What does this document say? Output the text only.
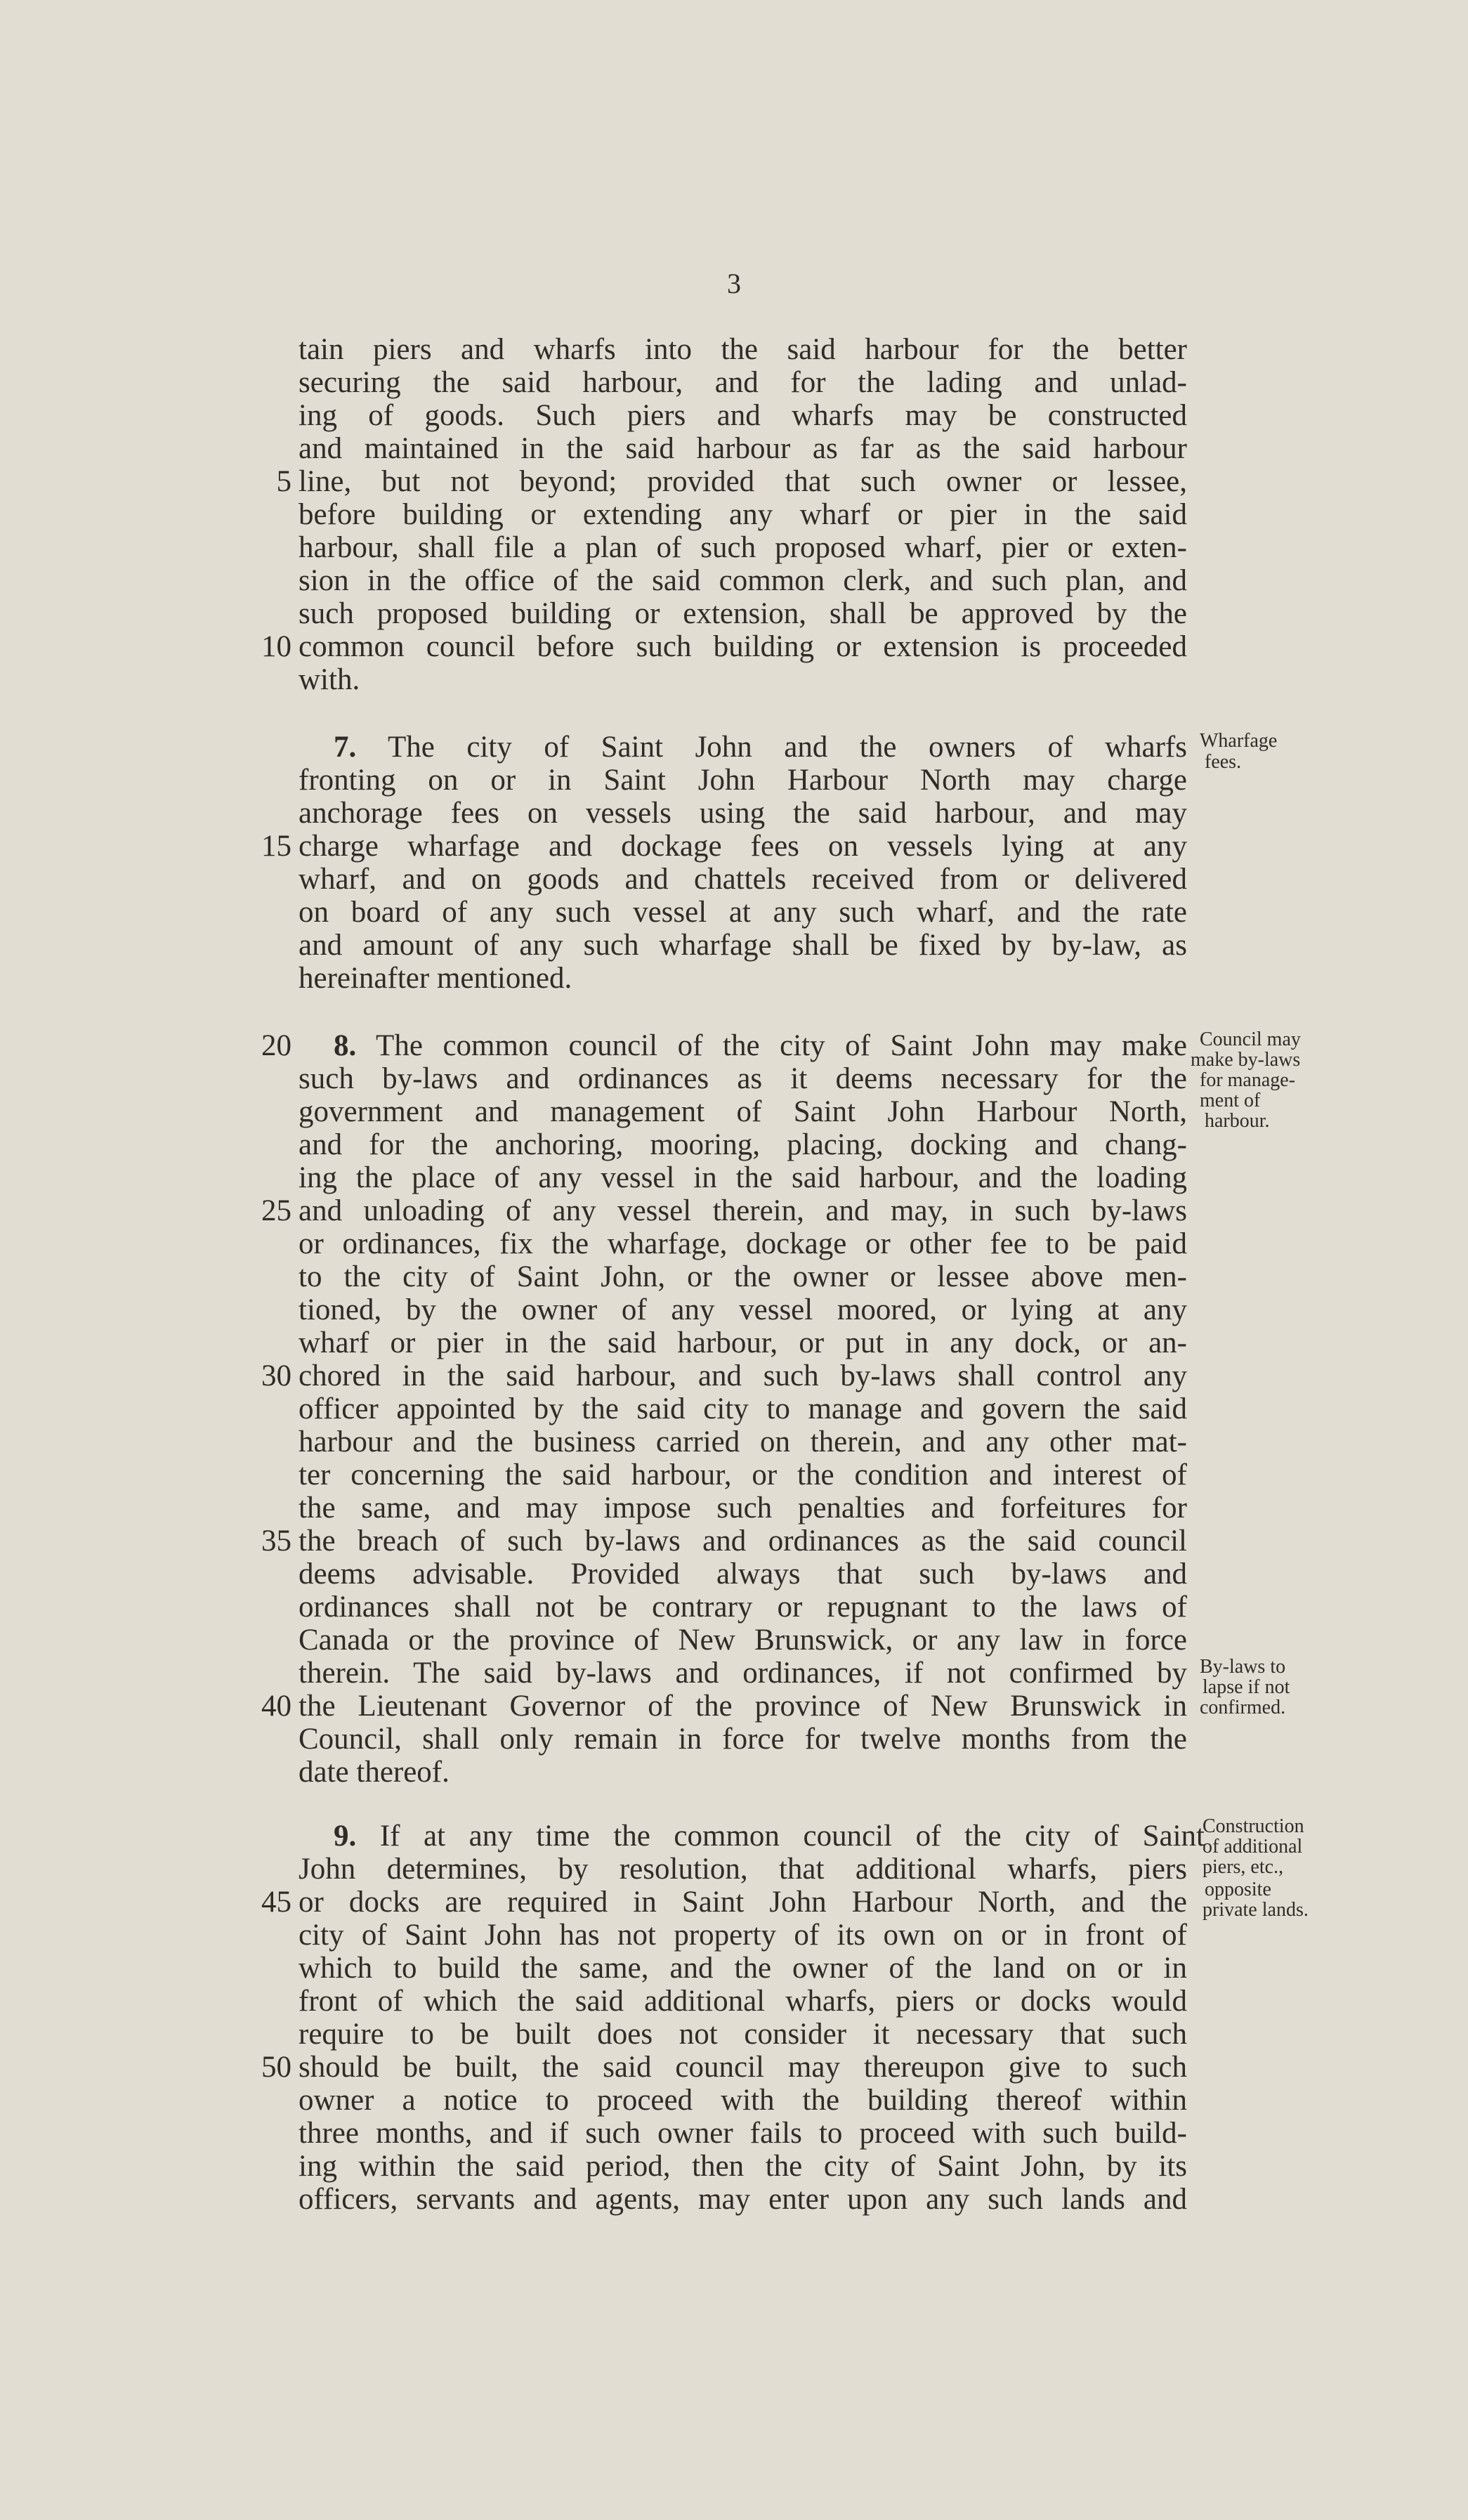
3
tain piers and wharfs into the said harbour for the better
securing the said harbour, and for the lading and unlad-
ing of goods. Such piers and wharfs may be constructed
and maintained in the said harbour as far as the said harbour
5 line, but not beyond; provided that such owner or lessee,
before building or extending any wharf or pier in the said
harbour, shall file a plan of such proposed wharf, pier or exten-
sion in the office of the said common clerk, and such plan, and
such proposed building or extension, shall be approved by the
10 common council before such building or extension is proceeded
with.
Wharfage
fees.
7. The city of Saint John and the owners of wharfs
fronting on or in Saint John Harbour North may charge
anchorage fees on vessels using the said harbour, and may
15 charge wharfage and dockage fees on vessels lying at any
wharf, and on goods and chattels received from or delivered
on board of any such vessel at any such wharf, and the rate
and amount of any such wharfage shall be fixed by by-law, as
hereinafter mentioned.
Council may
make by-laws
for manage-
ment of
harbour.
20 8. The common council of the city of Saint John may make
such by-laws and ordinances as it deems necessary for the
government and management of Saint John Harbour North,
and for the anchoring, mooring, placing, docking and chang-
ing the place of any vessel in the said harbour, and the loading
25 and unloading of any vessel therein, and may, in such by-laws
or ordinances, fix the wharfage, dockage or other fee to be paid
to the city of Saint John, or the owner or lessee above men-
tioned, by the owner of any vessel moored, or lying at any
wharf or pier in the said harbour, or put in any dock, or an-
30 chored in the said harbour, and such by-laws shall control any
officer appointed by the said city to manage and govern the said
harbour and the business carried on therein, and any other mat-
ter concerning the said harbour, or the condition and interest of
the same, and may impose such penalties and forfeitures for
35 the breach of such by-laws and ordinances as the said council
deems advisable. Provided always that such by-laws and
ordinances shall not be contrary or repugnant to the laws of
Canada or the province of New Brunswick, or any law in force
By-laws to
lapse if not
confirmed.
therein. The said by-laws and ordinances, if not confirmed by
40 the Lieutenant Governor of the province of New Brunswick in
Council, shall only remain in force for twelve months from the
date thereof.
Construction
of additional
piers, etc.,
opposite
private lands.
9. If at any time the common council of the city of Saint
John determines, by resolution, that additional wharfs, piers
45 or docks are required in Saint John Harbour North, and the
city of Saint John has not property of its own on or in front of
which to build the same, and the owner of the land on or in
front of which the said additional wharfs, piers or docks would
require to be built does not consider it necessary that such
50 should be built, the said council may thereupon give to such
owner a notice to proceed with the building thereof within
three months, and if such owner fails to proceed with such build-
ing within the said period, then the city of Saint John, by its
officers, servants and agents, may enter upon any such lands and
